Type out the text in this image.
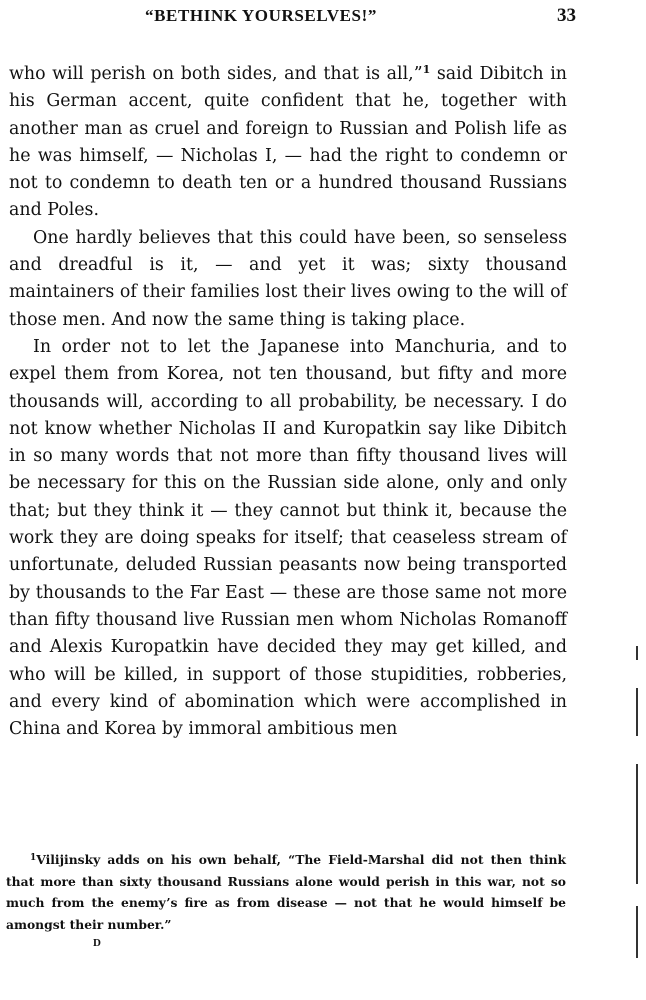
“BETHINK YOURSELVES!”	33

who will perish on both sides, and that is all,”$^1$ said Dibitch in his German accent, quite confident that he, together with another man as cruel and foreign to Russian and Polish life as he was himself, — Nicholas I, — had the right to condemn or not to condemn to death ten or a hundred thousand Russians and Poles.

One hardly believes that this could have been, so senseless and dreadful is it, — and yet it was; sixty thousand maintainers of their families lost their lives owing to the will of those men. And now the same thing is taking place.

In order not to let the Japanese into Manchuria, and to expel them from Korea, not ten thousand, but fifty and more thousands will, according to all probability, be necessary. I do not know whether Nicholas II and Kuropatkin say like Dibitch in so many words that not more than fifty thousand lives will be necessary for this on the Russian side alone, only and only that; but they think it — they cannot but think it, because the work they are doing speaks for itself; that ceaseless stream of unfortunate, deluded Russian peasants now being transported by thousands to the Far East — these are those same not more than fifty thousand live Russian men whom Nicholas Romanoff and Alexis Kuropatkin have decided they may get killed, and who will be killed, in support of those stupidities, robberies, and every kind of abomination which were accomplished in China and Korea by immoral ambitious men

$^1$Vilijinsky adds on his own behalf, “The Field-Marshal did not then think that more than sixty thousand Russians alone would perish in this war, not so much from the enemy’s fire as from disease — not that he would himself be amongst their number.”

D
